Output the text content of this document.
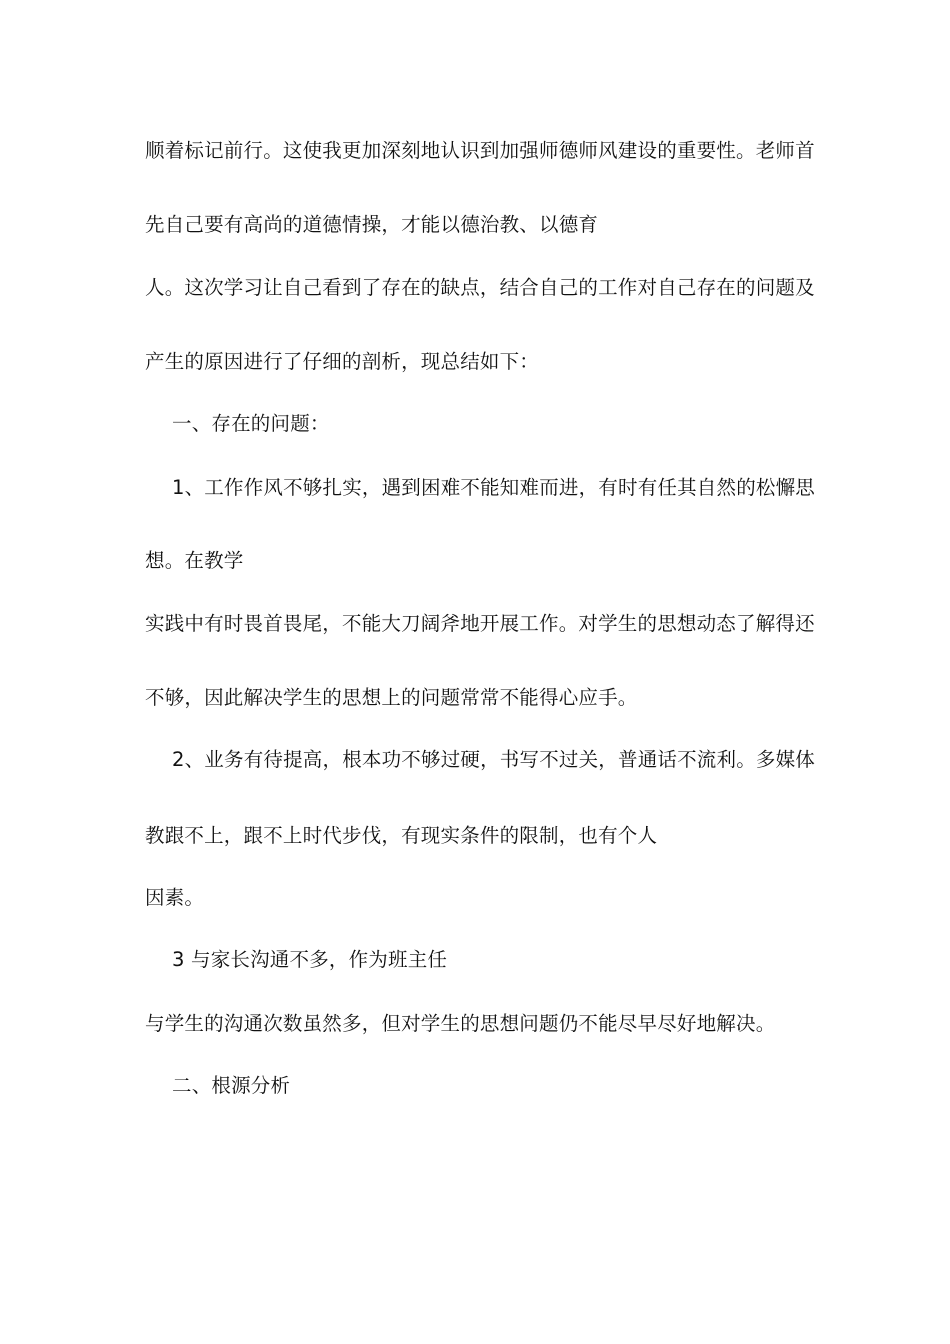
顺着标记前行。这使我更加深刻地认识到加强师德师风建设的重要性。老师首
先自己要有高尚的道德情操，才能以德治教、以德育
人。这次学习让自己看到了存在的缺点，结合自己的工作对自己存在的问题及
产生的原因进行了仔细的剖析，现总结如下：
一、存在的问题：
1、工作作风不够扎实，遇到困难不能知难而进，有时有任其自然的松懈思
想。在教学
实践中有时畏首畏尾，不能大刀阔斧地开展工作。对学生的思想动态了解得还
不够，因此解决学生的思想上的问题常常不能得心应手。
2、业务有待提高，根本功不够过硬，书写不过关，普通话不流利。多媒体
教跟不上，跟不上时代步伐，有现实条件的限制，也有个人
因素。
3 与家长沟通不多，作为班主任
与学生的沟通次数虽然多，但对学生的思想问题仍不能尽早尽好地解决。
二、根源分析
